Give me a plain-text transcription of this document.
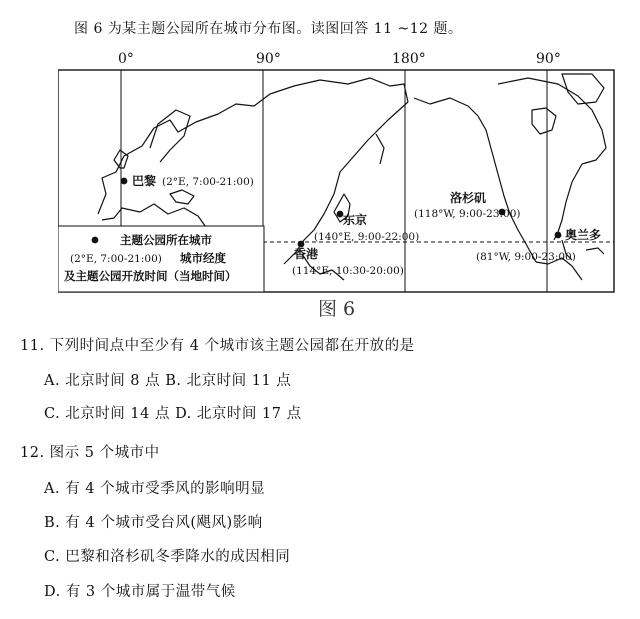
图 6 为某主题公园所在城市分布图。读图回答 11 ~12 题。
0°	90°	180°	90°
主题公园所在城市
(2°E, 7:00-21:00) 城市经度
及主题公园开放时间（当地时间）
巴黎 (2°E, 7:00-21:00)
东京
(140°E, 9:00-22:00)
香港
(114°E, 10:30-20:00)
洛杉矶
(118°W, 9:00-23:00)
奥兰多
(81°W, 9:00-23:00)
图 6
11. 下列时间点中至少有 4 个城市该主题公园都在开放的是
A. 北京时间 8 点 B. 北京时间 11 点
C. 北京时间 14 点 D. 北京时间 17 点
12. 图示 5 个城市中
A. 有 4 个城市受季风的影响明显
B. 有 4 个城市受台风(飓风)影响
C. 巴黎和洛杉矶冬季降水的成因相同
D. 有 3 个城市属于温带气候
